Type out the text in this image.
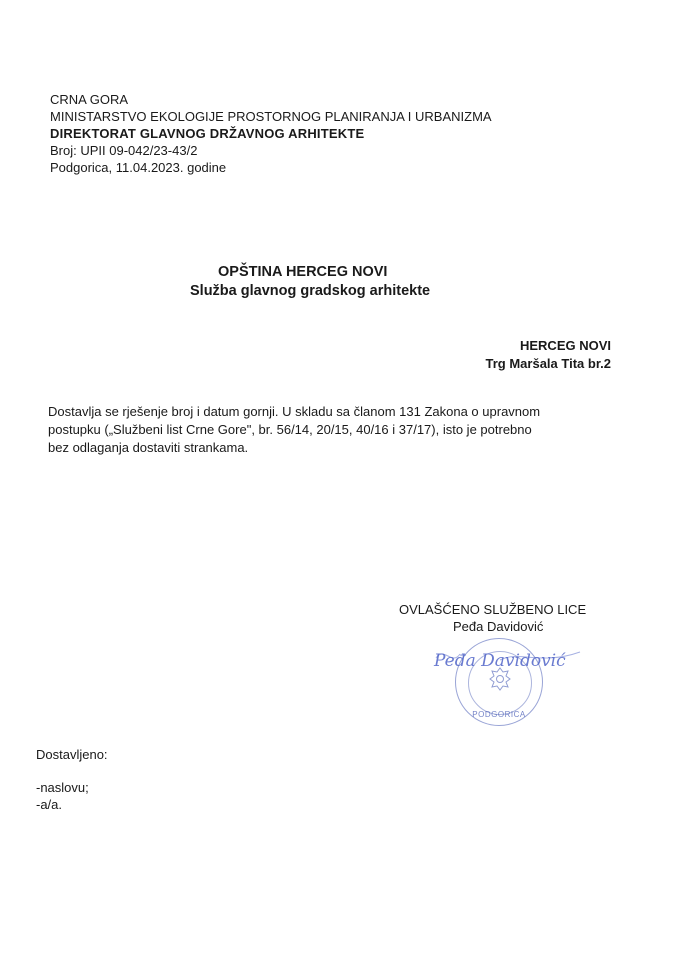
CRNA GORA
MINISTARSTVO EKOLOGIJE PROSTORNOG PLANIRANJA I URBANIZMA
DIREKTORAT GLAVNOG DRŽAVNOG ARHITEKTE
Broj: UPII 09-042/23-43/2
Podgorica, 11.04.2023. godine
OPŠTINA HERCEG NOVI
Služba glavnog gradskog arhitekte
HERCEG NOVI
Trg Maršala Tita br.2
Dostavlja se rješenje broj i datum gornji. U skladu sa članom 131 Zakona o upravnom
postupku („Službeni list Crne Gore", br. 56/14, 20/15, 40/16 i 37/17), isto je potrebno
bez odlaganja dostaviti strankama.
OVLAŠĆENO SLUŽBENO LICE
Peđa Davidović
PODGORICA
Peđa Davidović
Dostavljeno:
-naslovu;
-a/a.
